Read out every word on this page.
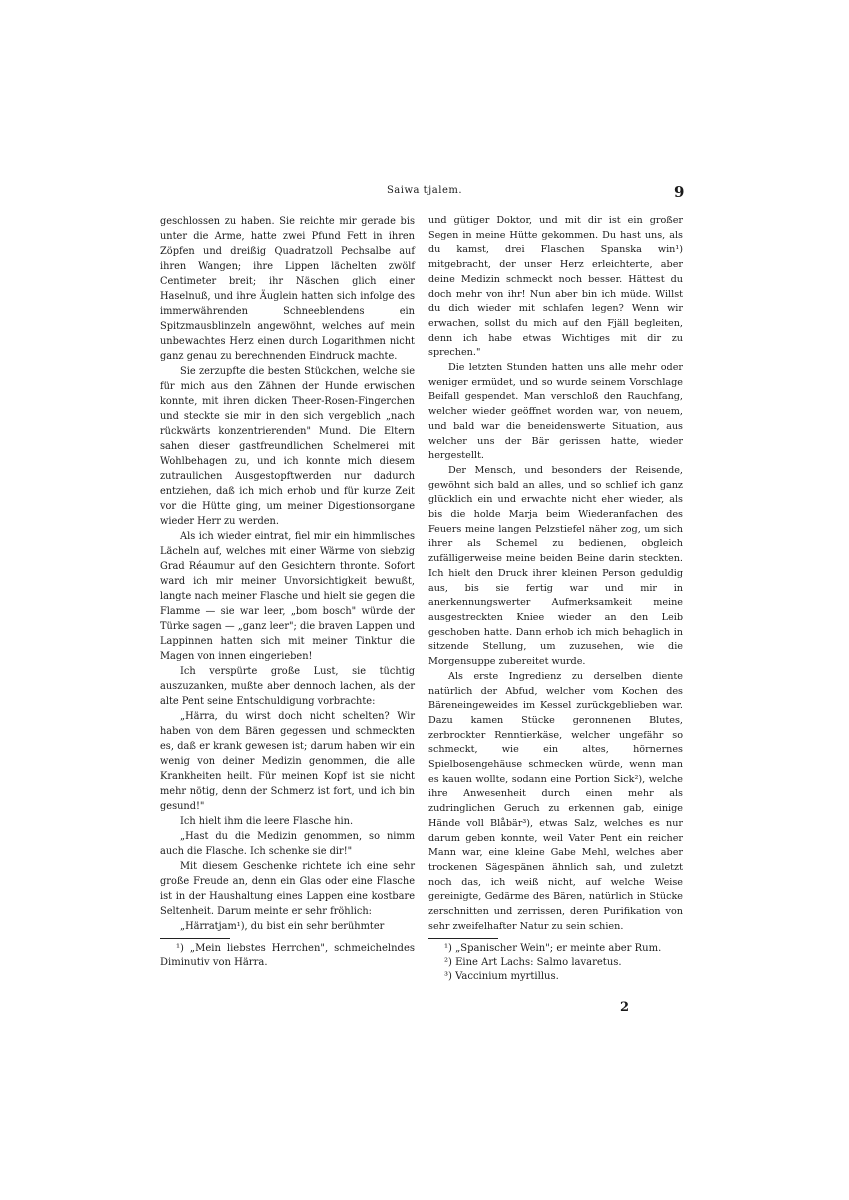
Saiwa tjalem.	9

geschlossen zu haben. Sie reichte mir gerade bis unter die Arme, hatte zwei Pfund Fett in ihren Zöpfen und dreißig Quadratzoll Pechsalbe auf ihren Wangen; ihre Lippen lächelten zwölf Centimeter breit; ihr Näschen glich einer Haselnuß, und ihre Äuglein hatten sich infolge des immerwährenden Schneeblendens ein Spitzmausblinzeln angewöhnt, welches auf mein unbewachtes Herz einen durch Logarithmen nicht ganz genau zu berechnenden Eindruck machte.

Sie zerzupfte die besten Stückchen, welche sie für mich aus den Zähnen der Hunde erwischen konnte, mit ihren dicken Theer-Rosen-Fingerchen und steckte sie mir in den sich vergeblich „nach rückwärts konzentrierenden" Mund. Die Eltern sahen dieser gastfreundlichen Schelmerei mit Wohlbehagen zu, und ich konnte mich diesem zutraulichen Ausgestopftwerden nur dadurch entziehen, daß ich mich erhob und für kurze Zeit vor die Hütte ging, um meiner Digestionsorgane wieder Herr zu werden.

Als ich wieder eintrat, fiel mir ein himmlisches Lächeln auf, welches mit einer Wärme von siebzig Grad Réaumur auf den Gesichtern thronte. Sofort ward ich mir meiner Unvorsichtigkeit bewußt, langte nach meiner Flasche und hielt sie gegen die Flamme — sie war leer, „bom bosch" würde der Türke sagen — „ganz leer"; die braven Lappen und Lappinnen hatten sich mit meiner Tinktur die Magen von innen eingerieben!

Ich verspürte große Lust, sie tüchtig auszuzanken, mußte aber dennoch lachen, als der alte Pent seine Entschuldigung vorbrachte:

„Härra, du wirst doch nicht schelten? Wir haben von dem Bären gegessen und schmeckten es, daß er krank gewesen ist; darum haben wir ein wenig von deiner Medizin genommen, die alle Krankheiten heilt. Für meinen Kopf ist sie nicht mehr nötig, denn der Schmerz ist fort, und ich bin gesund!"

Ich hielt ihm die leere Flasche hin.

„Hast du die Medizin genommen, so nimm auch die Flasche. Ich schenke sie dir!"

Mit diesem Geschenke richtete ich eine sehr große Freude an, denn ein Glas oder eine Flasche ist in der Haushaltung eines Lappen eine kostbare Seltenheit. Darum meinte er sehr fröhlich:

„Härratjam¹), du bist ein sehr berühmter

¹) „Mein liebstes Herrchen", schmeichelndes Diminutiv von Härra.

und gütiger Doktor, und mit dir ist ein großer Segen in meine Hütte gekommen. Du hast uns, als du kamst, drei Flaschen Spanska win¹) mitgebracht, der unser Herz erleichterte, aber deine Medizin schmeckt noch besser. Hättest du doch mehr von ihr! Nun aber bin ich müde. Willst du dich wieder mit schlafen legen? Wenn wir erwachen, sollst du mich auf den Fjäll begleiten, denn ich habe etwas Wichtiges mit dir zu sprechen."

Die letzten Stunden hatten uns alle mehr oder weniger ermüdet, und so wurde seinem Vorschlage Beifall gespendet. Man verschloß den Rauchfang, welcher wieder geöffnet worden war, von neuem, und bald war die beneidenswerte Situation, aus welcher uns der Bär gerissen hatte, wieder hergestellt.

Der Mensch, und besonders der Reisende, gewöhnt sich bald an alles, und so schlief ich ganz glücklich ein und erwachte nicht eher wieder, als bis die holde Marja beim Wiederanfachen des Feuers meine langen Pelzstiefel näher zog, um sich ihrer als Schemel zu bedienen, obgleich zufälligerweise meine beiden Beine darin steckten. Ich hielt den Druck ihrer kleinen Person geduldig aus, bis sie fertig war und mir in anerkennungswerter Aufmerksamkeit meine ausgestreckten Kniee wieder an den Leib geschoben hatte. Dann erhob ich mich behaglich in sitzende Stellung, um zuzusehen, wie die Morgensuppe zubereitet wurde.

Als erste Ingredienz zu derselben diente natürlich der Abfud, welcher vom Kochen des Bäreneingeweides im Kessel zurückgeblieben war. Dazu kamen Stücke geronnenen Blutes, zerbrockter Renntierkäse, welcher ungefähr so schmeckt, wie ein altes, hörnernes Spielbosengehäuse schmecken würde, wenn man es kauen wollte, sodann eine Portion Sick²), welche ihre Anwesenheit durch einen mehr als zudringlichen Geruch zu erkennen gab, einige Hände voll Blåbär³), etwas Salz, welches es nur darum geben konnte, weil Vater Pent ein reicher Mann war, eine kleine Gabe Mehl, welches aber trockenen Sägespänen ähnlich sah, und zuletzt noch das, ich weiß nicht, auf welche Weise gereinigte, Gedärme des Bären, natürlich in Stücke zerschnitten und zerrissen, deren Purifikation von sehr zweifelhafter Natur zu sein schien.

¹) „Spanischer Wein"; er meinte aber Rum.
²) Eine Art Lachs: Salmo lavaretus.
³) Vaccinium myrtillus.
2
